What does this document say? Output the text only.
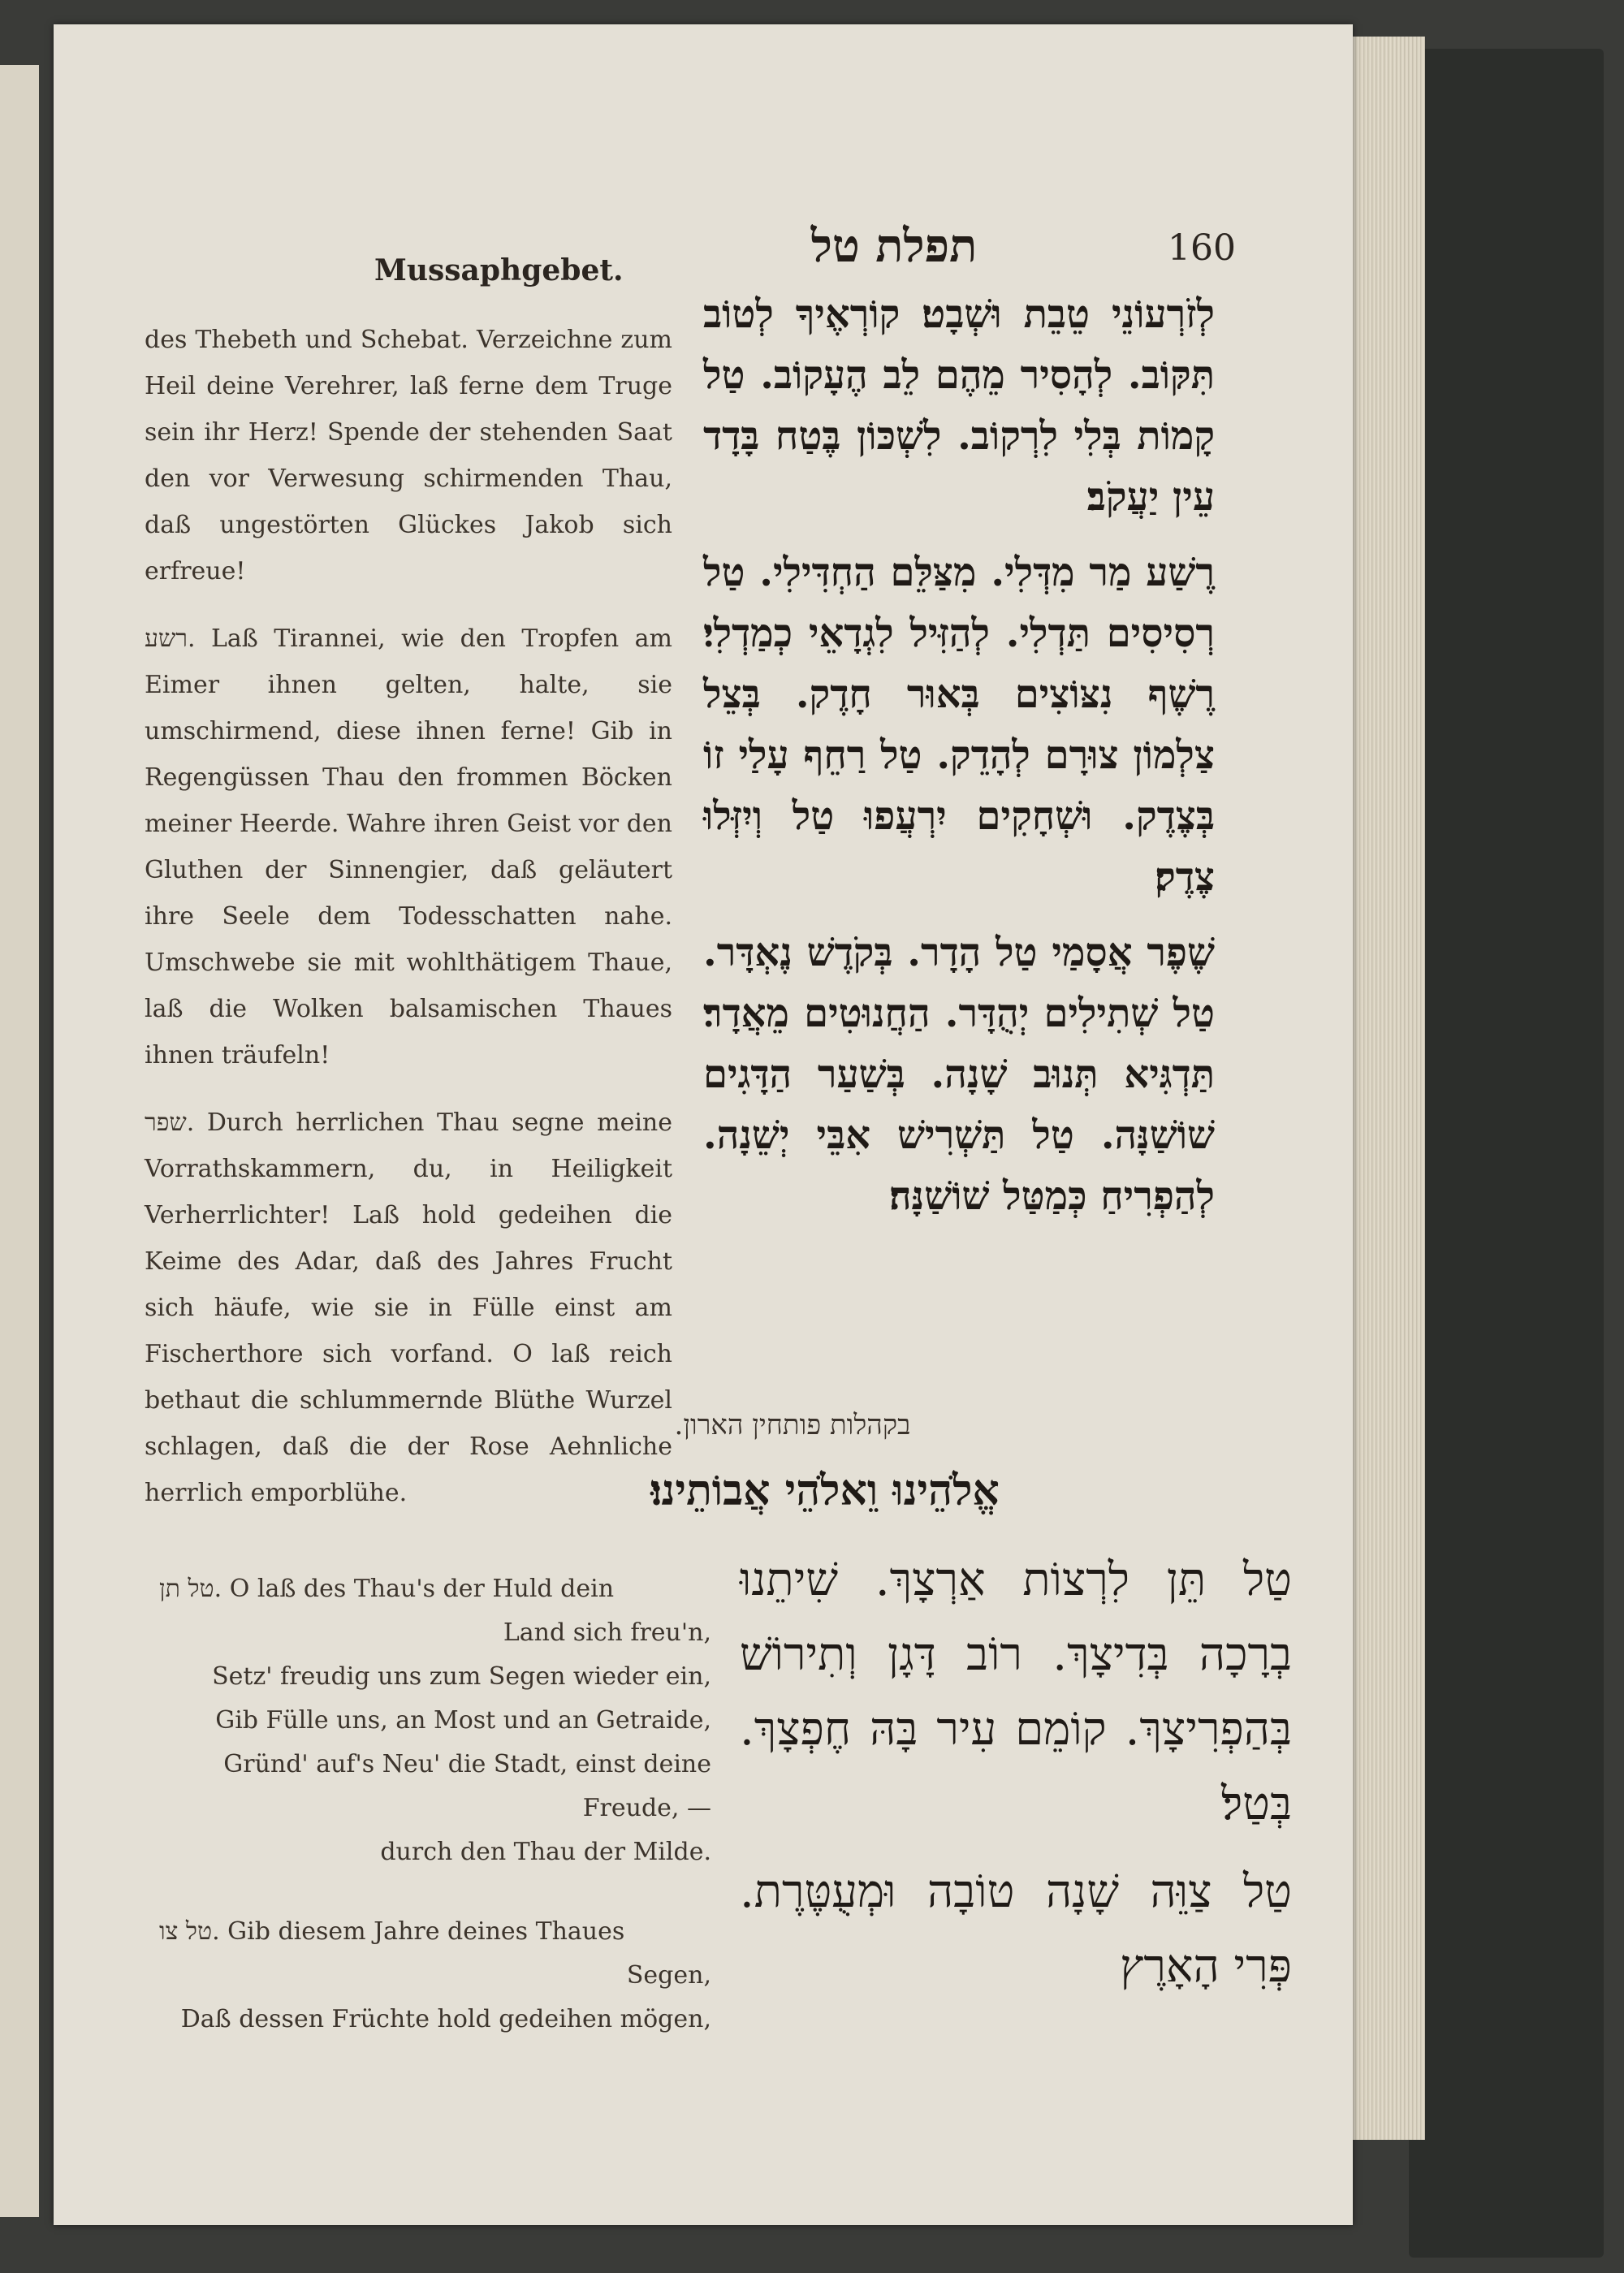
160
תפלת טל
Mussaphgebet.

des Thebeth und Schebat. Verzeichne zum Heil deine Verehrer, laß ferne dem Truge sein ihr Herz! Spende der stehenden Saat den vor Verwesung schirmenden Thau, daß ungestörten Glückes Jakob sich erfreue!

רשע. Laß Tirannei, wie den Tropfen am Eimer ihnen gelten, halte, sie umschirmend, diese ihnen ferne! Gib in Regengüssen Thau den frommen Böcken meiner Heerde. Wahre ihren Geist vor den Gluthen der Sinnengier, daß geläutert ihre Seele dem Todesschatten nahe. Umschwebe sie mit wohlthätigem Thaue, laß die Wolken balsamischen Thaues ihnen träufeln!

שפר. Durch herrlichen Thau segne meine Vorrathskammern, du, in Heiligkeit Verherrlichter! Laß hold gedeihen die Keime des Adar, daß des Jahres Frucht sich häufe, wie sie in Fülle einst am Fischerthore sich vorfand. O laß reich bethaut die schlummernde Blüthe Wurzel schlagen, daß die der Rose Aehnliche herrlich emporblühe.

לְזֹרְעוֹנֵי טֵבֵת וּשְׁבָט׃ קוֹרְאֶיךָ לְטוֹב תִּקּוֹב. לְהָסִיר מֵהֶם לֵב הֶעָקוֹב. טַל קָמוֹת בְּלִי לִרְקוֹב. לִשְׁכּוֹן בֶּטַח בָּדָד עֵין יַעֲקֹב׃

רֶשַׁע מַר מִדְּלִי. מִצַּלֵּם הַחְדִּילִי. טַל רְסִיסִים תַּדְלִי. לְהַזִּיל לִגְדָאֵי כְמַדְלִי׃ רֶשֶׁף נִצּוֹצִים בְּאוּר חָדֶק. בְּצֵל צַלְמוֹן צוּרָם לְהָדֵק. טַל רַחֵף עָלַי זוֹ בְּצֶדֶק. וּשְׁחָקִים יִרְעֲפוּ טַל וְיִזְּלוּ צֶדֶק׃

שֶׁפֶר אֲסָמַי טַל הָדָר. בְּקֹדֶשׁ נֶאְדָּר. טַל שְׁתִילִים יְהֻדָּר. הַחֲנוּטִים מֵאֲדָר׃ תַּדְגִּיא תְּנוּב שָׁנָה. בְּשַׁעַר הַדָּגִים שׁוֹשַׁנָּה. טַל תַּשְׁרִישׁ אִבֵּי יְשֵׁנָה. לְהַפְרִיחַ כְּמַטַּל שׁוֹשַׁנָּה׃

בקהלות פותחין הארון.
אֱלֹהֵינוּ וֵאלֹהֵי אֲבוֹתֵינוּ׃

טל תן. O laß des Thau's der Huld dein

Land sich freu'n,

Setz' freudig uns zum Segen wieder ein,

Gib Fülle uns, an Most und an Getraide,

Gründ' auf's Neu' die Stadt, einst deine

Freude, —

durch den Thau der Milde.

טל צו. Gib diesem Jahre deines Thaues

Segen,

Daß dessen Früchte hold gedeihen mögen,

טַל תֵּן לִרְצוֹת אַרְצָךְ. שִׁיתֵנוּ בְרָכָה בְּדִיצָךְ. רוֹב דָּגָן וְתִירוֹשׁ בְּהַפְרִיצָךְ. קוֹמֵם עִיר בָּהּ חֶפְצָךְ. בְּטַל׃

טַל צַוֵּה שָׁנָה טוֹבָה וּמְעֻטֶּרֶת. פְּרִי הָאָרֶץ
